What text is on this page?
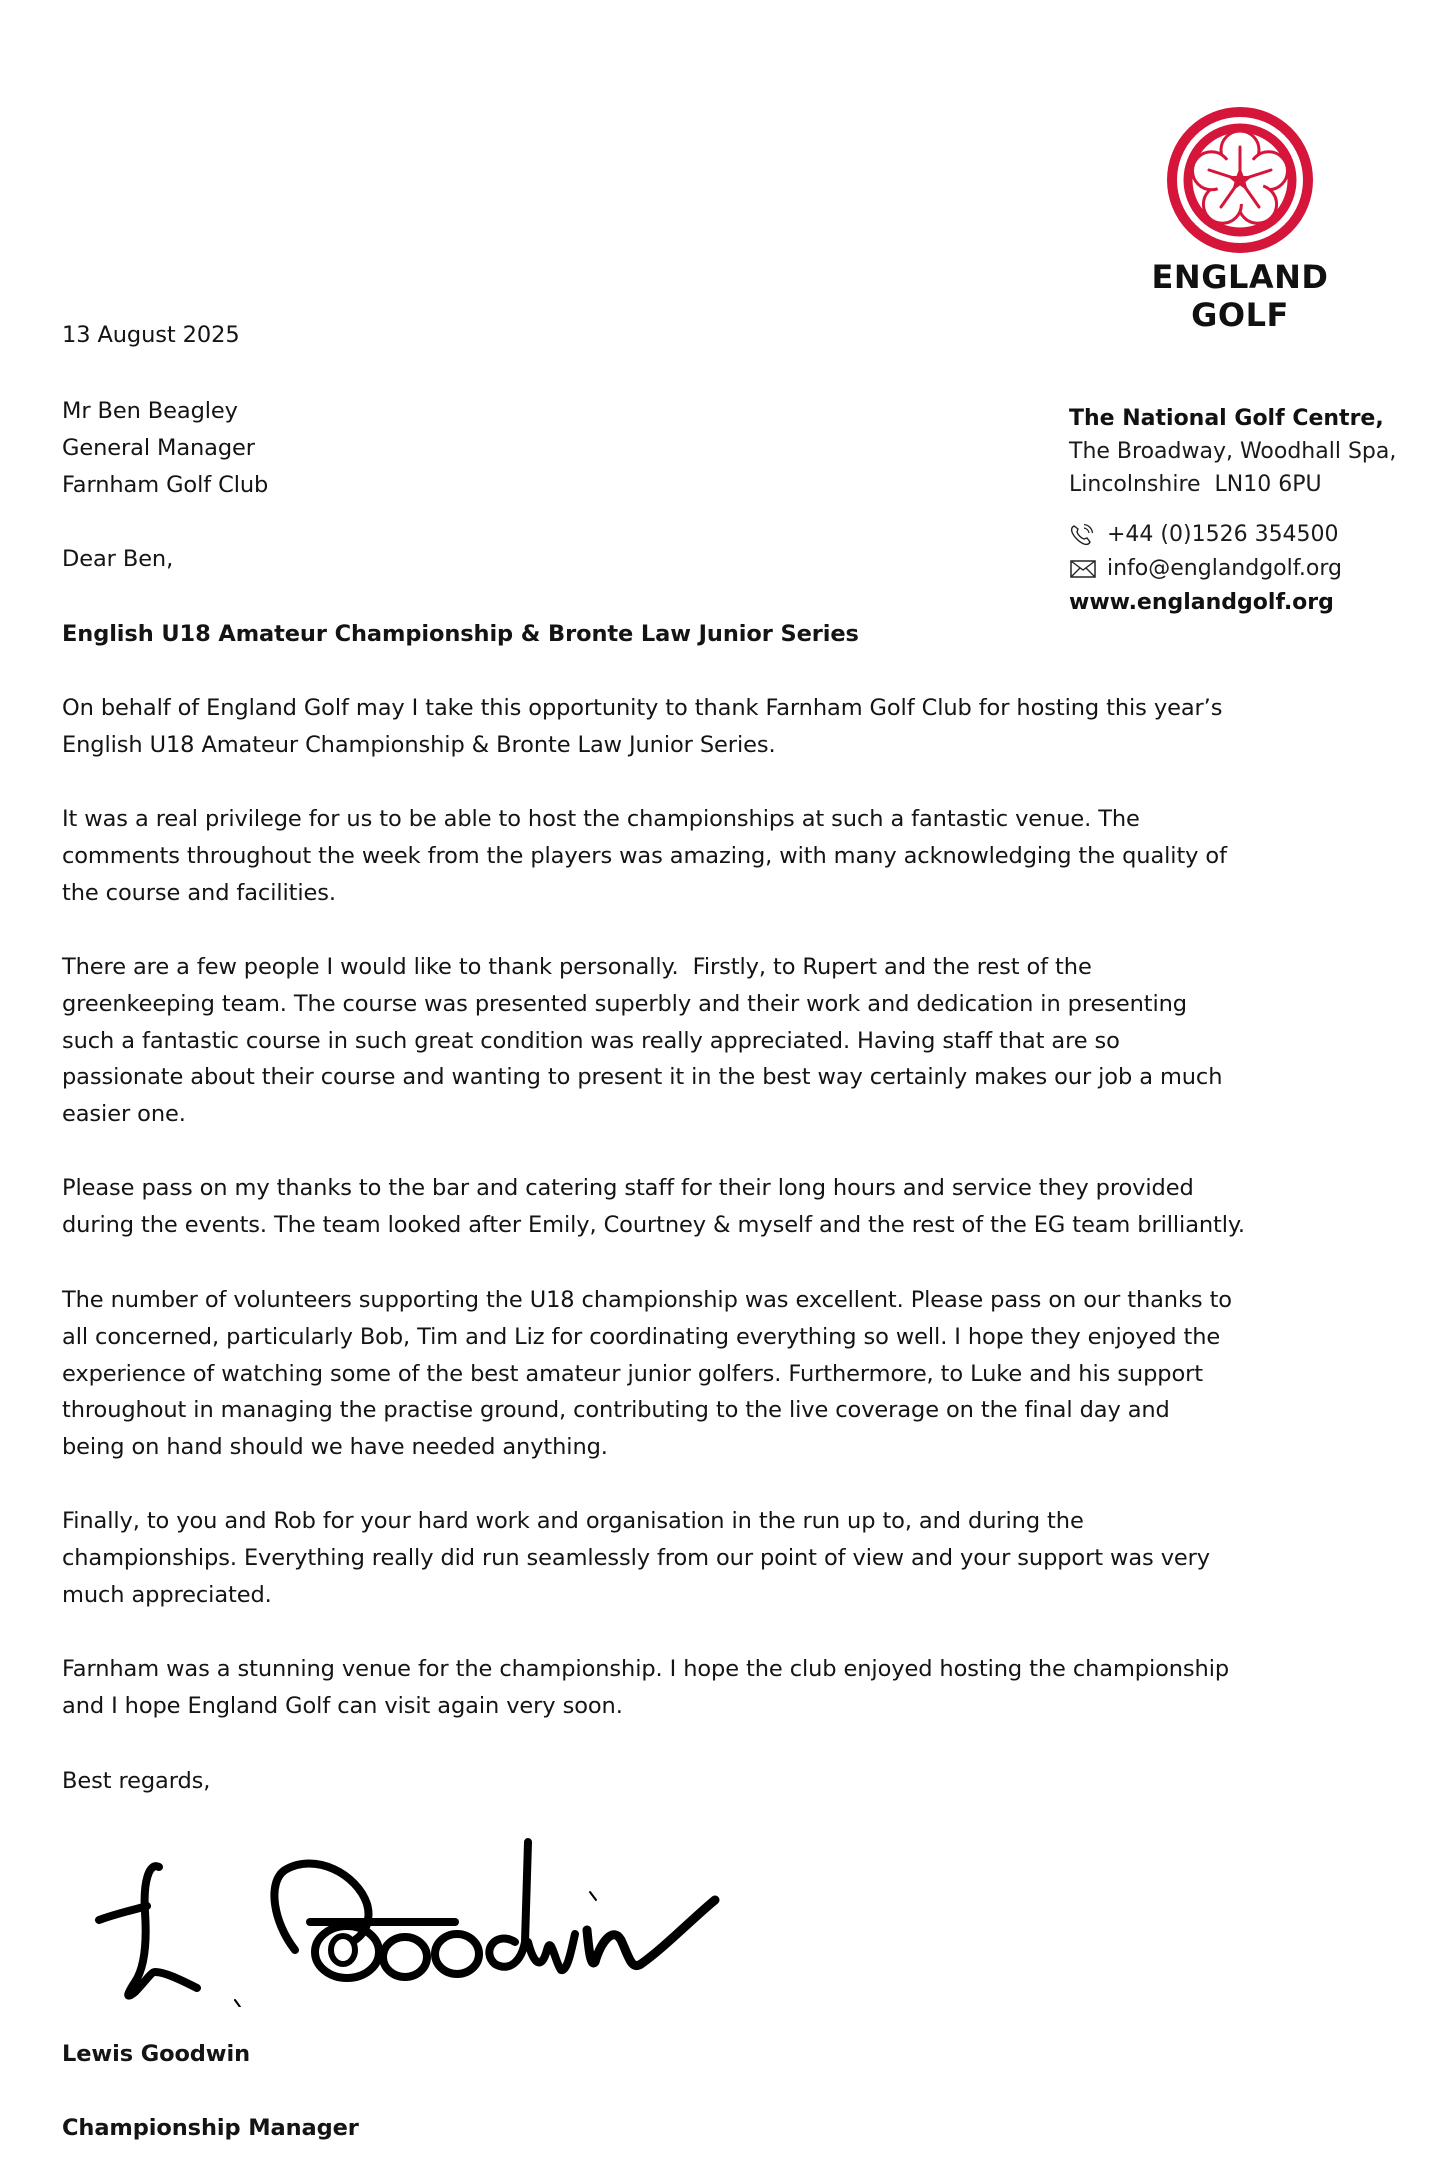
ENGLAND
GOLF
The National Golf Centre,
The Broadway, Woodhall Spa,
Lincolnshire  LN10 6PU
+44 (0)1526 354500
info@englandgolf.org
www.englandgolf.org
13 August 2025
Mr Ben Beagley
General Manager
Farnham Golf Club
Dear Ben,
English U18 Amateur Championship & Bronte Law Junior Series
On behalf of England Golf may I take this opportunity to thank Farnham Golf Club for hosting this year’s
English U18 Amateur Championship & Bronte Law Junior Series.
It was a real privilege for us to be able to host the championships at such a fantastic venue. The
comments throughout the week from the players was amazing, with many acknowledging the quality of
the course and facilities.
There are a few people I would like to thank personally.  Firstly, to Rupert and the rest of the
greenkeeping team. The course was presented superbly and their work and dedication in presenting
such a fantastic course in such great condition was really appreciated. Having staff that are so
passionate about their course and wanting to present it in the best way certainly makes our job a much
easier one.
Please pass on my thanks to the bar and catering staff for their long hours and service they provided
during the events. The team looked after Emily, Courtney & myself and the rest of the EG team brilliantly.
The number of volunteers supporting the U18 championship was excellent. Please pass on our thanks to
all concerned, particularly Bob, Tim and Liz for coordinating everything so well. I hope they enjoyed the
experience of watching some of the best amateur junior golfers. Furthermore, to Luke and his support
throughout in managing the practise ground, contributing to the live coverage on the final day and
being on hand should we have needed anything.
Finally, to you and Rob for your hard work and organisation in the run up to, and during the
championships. Everything really did run seamlessly from our point of view and your support was very
much appreciated.
Farnham was a stunning venue for the championship. I hope the club enjoyed hosting the championship
and I hope England Golf can visit again very soon.
Best regards,
Lewis Goodwin
Championship Manager
